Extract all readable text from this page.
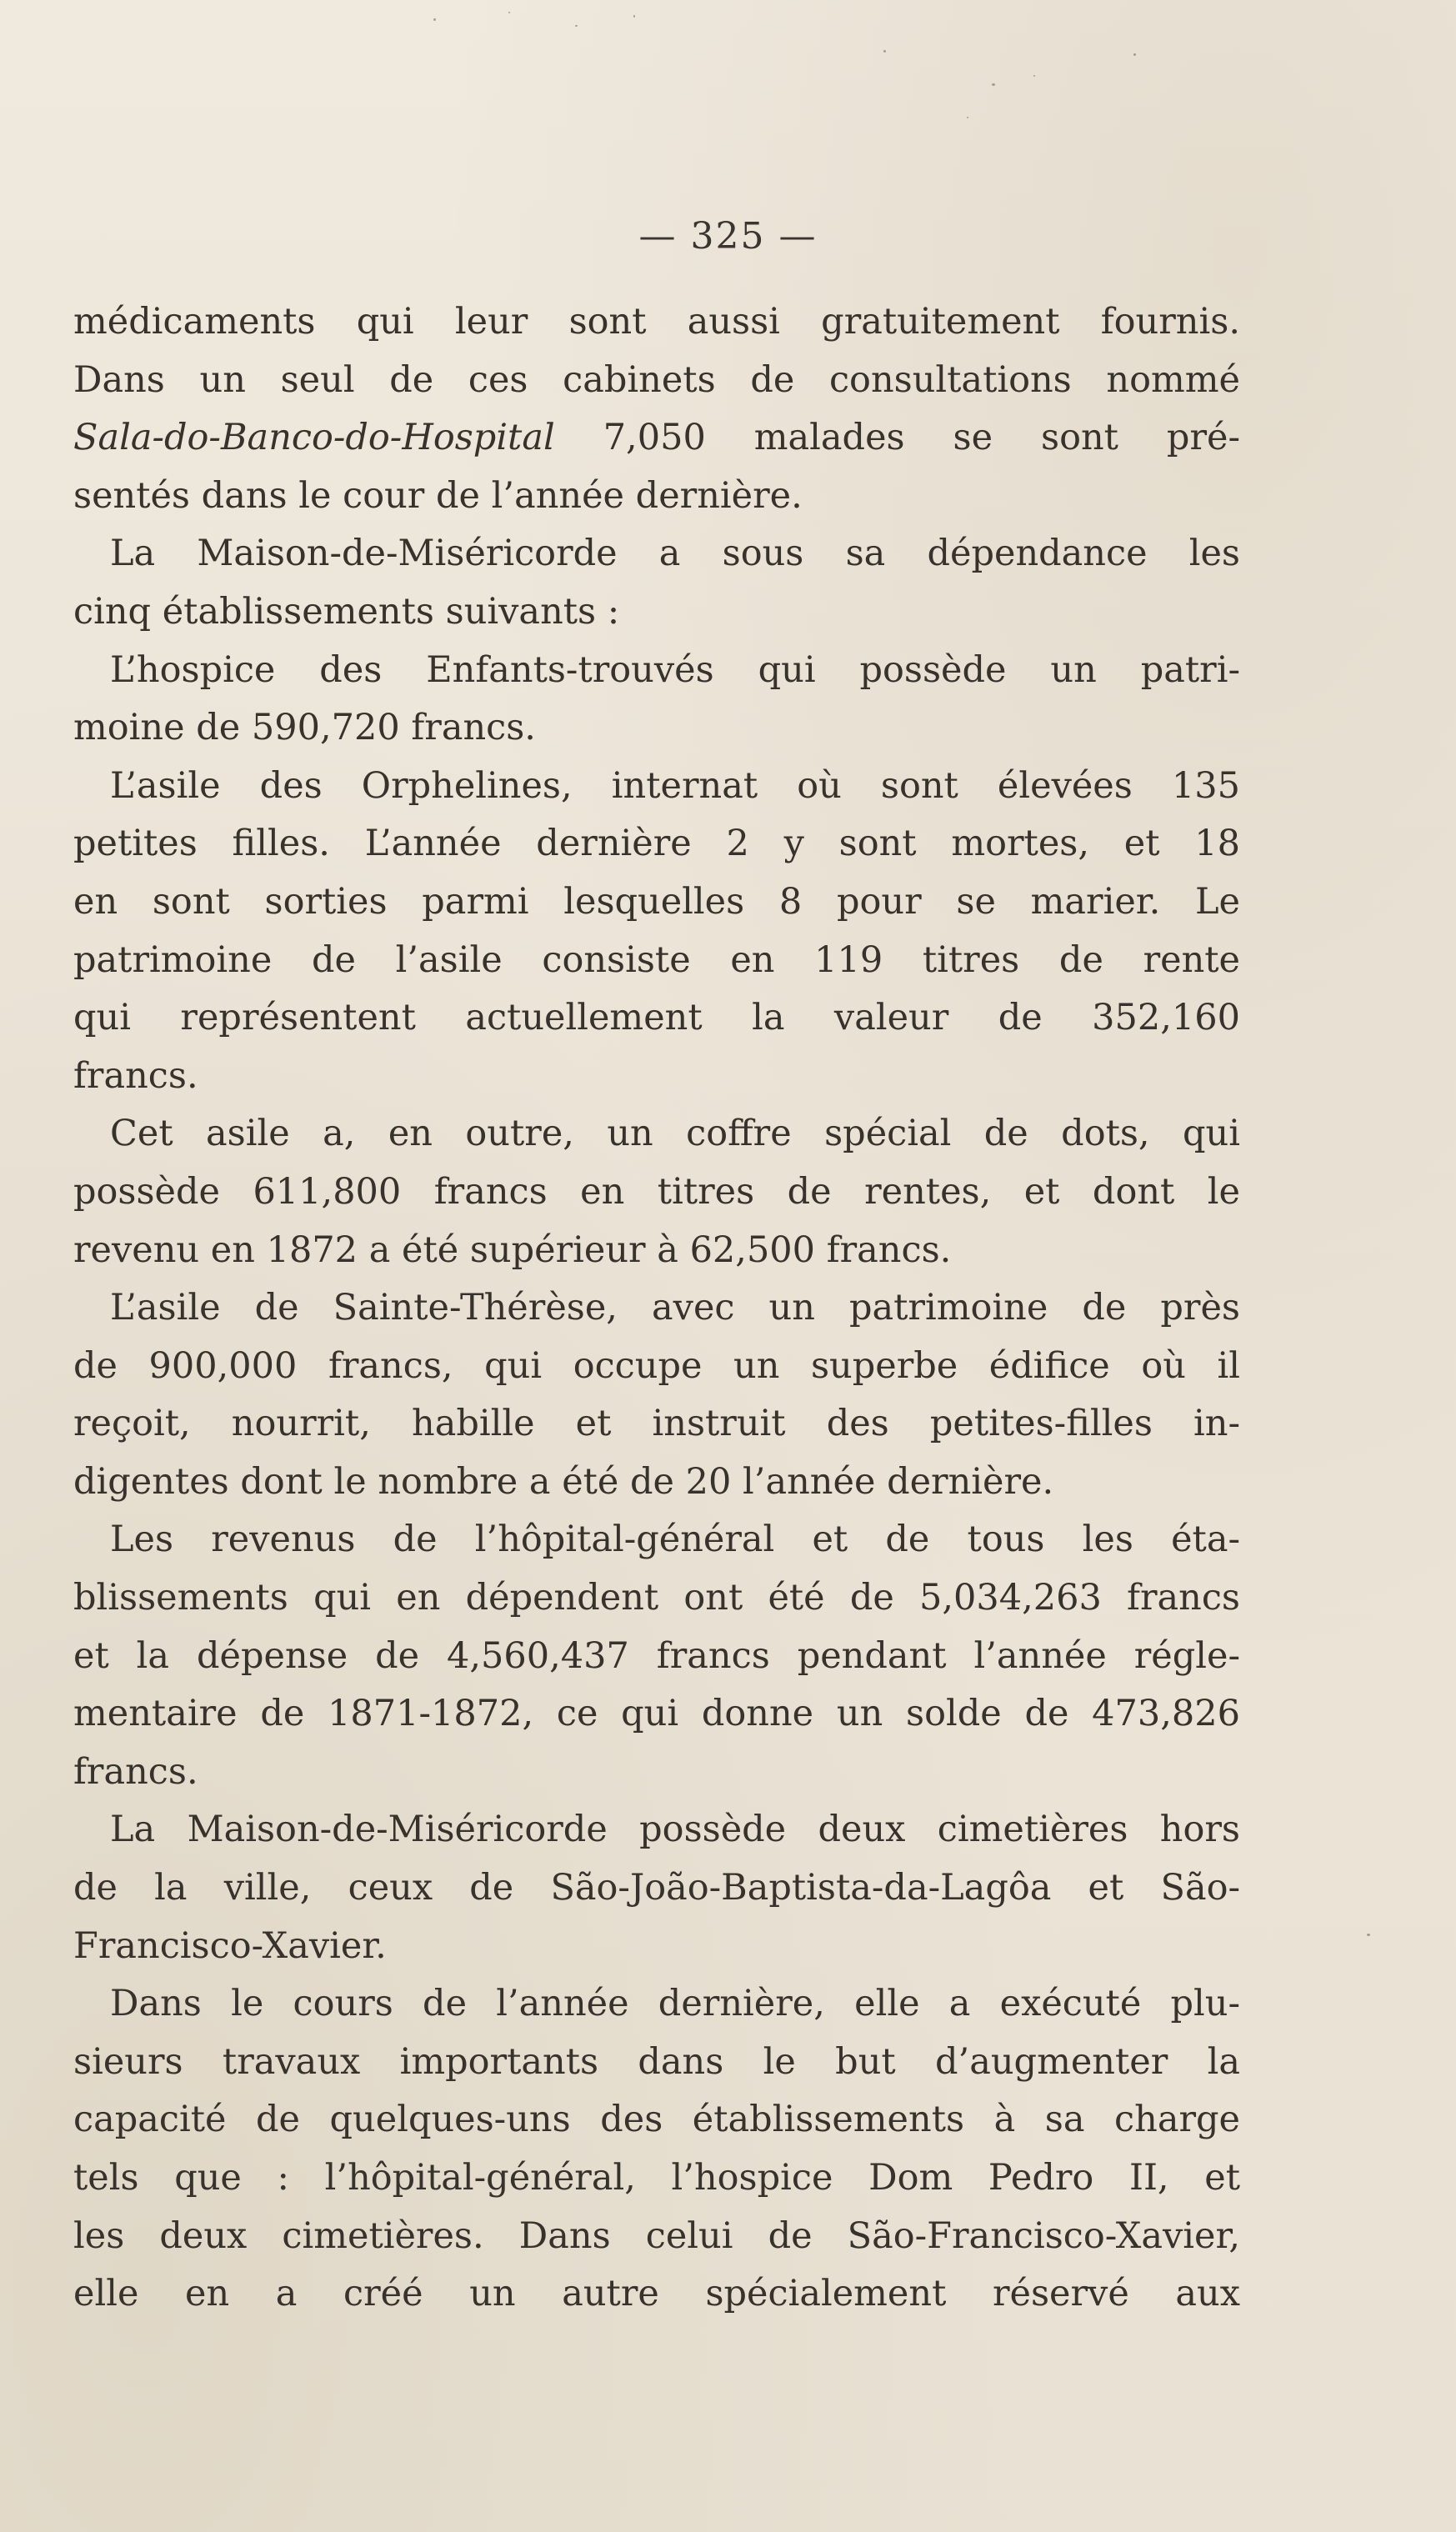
— 325 —
médicaments qui leur sont aussi gratuitement fournis.
Dans un seul de ces cabinets de consultations nommé
Sala-do-Banco-do-Hospital 7,050 malades se sont pré-
sentés dans le cour de l’année dernière.
La Maison-de-Miséricorde a sous sa dépendance les
cinq établissements suivants :
L’hospice des Enfants-trouvés qui possède un patri-
moine de 590,720 francs.
L’asile des Orphelines, internat où sont élevées 135
petites filles. L’année dernière 2 y sont mortes, et 18
en sont sorties parmi lesquelles 8 pour se marier. Le
patrimoine de l’asile consiste en 119 titres de rente
qui représentent actuellement la valeur de 352,160
francs.
Cet asile a, en outre, un coffre spécial de dots, qui
possède 611,800 francs en titres de rentes, et dont le
revenu en 1872 a été supérieur à 62,500 francs.
L’asile de Sainte-Thérèse, avec un patrimoine de près
de 900,000 francs, qui occupe un superbe édifice où il
reçoit, nourrit, habille et instruit des petites-filles in-
digentes dont le nombre a été de 20 l’année dernière.
Les revenus de l’hôpital-général et de tous les éta-
blissements qui en dépendent ont été de 5,034,263 francs
et la dépense de 4,560,437 francs pendant l’année régle-
mentaire de 1871-1872, ce qui donne un solde de 473,826
francs.
La Maison-de-Miséricorde possède deux cimetières hors
de la ville, ceux de São-João-Baptista-da-Lagôa et São-
Francisco-Xavier.
Dans le cours de l’année dernière, elle a exécuté plu-
sieurs travaux importants dans le but d’augmenter la
capacité de quelques-uns des établissements à sa charge
tels que : l’hôpital-général, l’hospice Dom Pedro II, et
les deux cimetières. Dans celui de São-Francisco-Xavier,
elle en a créé un autre spécialement réservé aux
